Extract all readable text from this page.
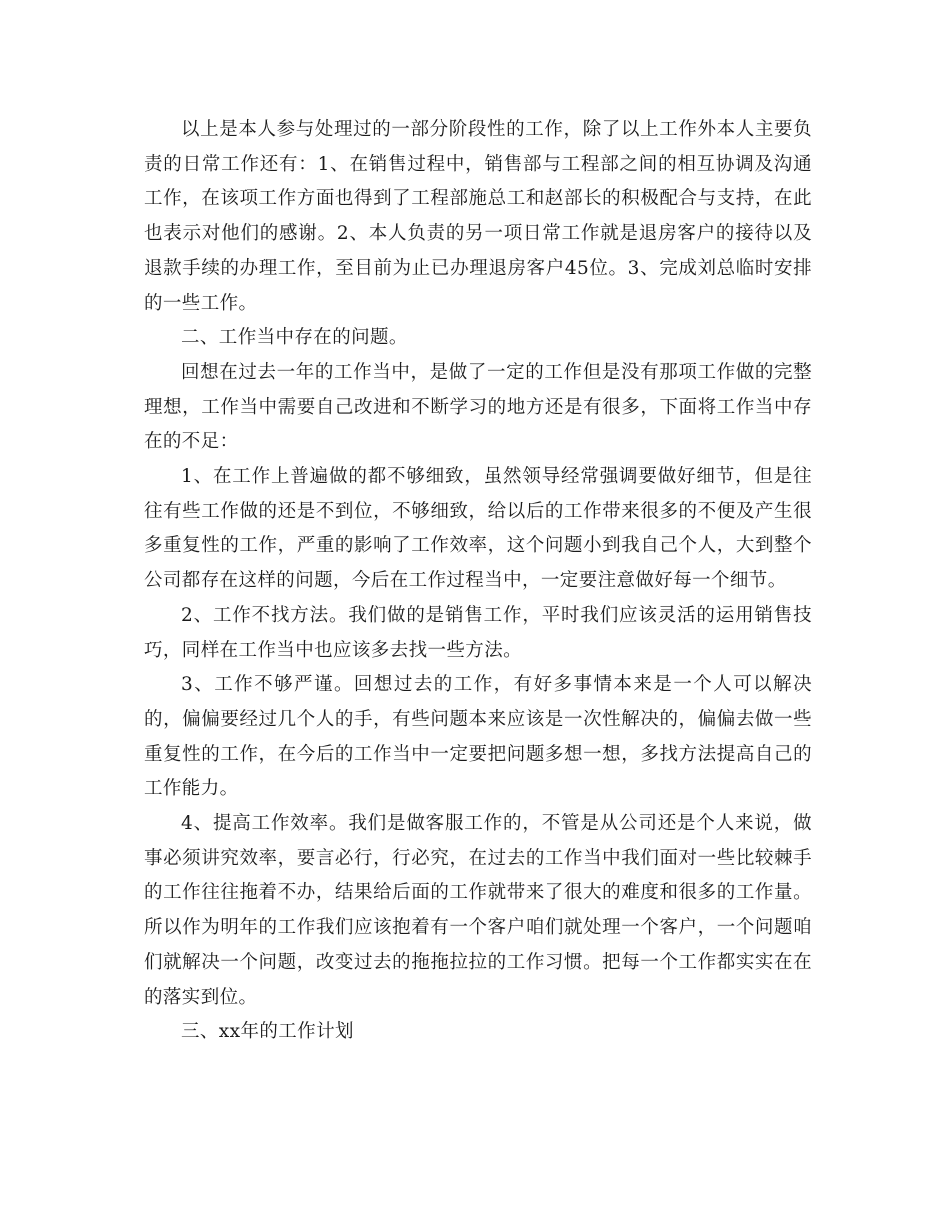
以上是本人参与处理过的一部分阶段性的工作，除了以上工作外本人主要负责的日常工作还有：1、在销售过程中，销售部与工程部之间的相互协调及沟通工作，在该项工作方面也得到了工程部施总工和赵部长的积极配合与支持，在此也表示对他们的感谢。2、本人负责的另一项日常工作就是退房客户的接待以及退款手续的办理工作，至目前为止已办理退房客户45位。3、完成刘总临时安排的一些工作。

二、工作当中存在的问题。

回想在过去一年的工作当中，是做了一定的工作但是没有那项工作做的完整理想，工作当中需要自己改进和不断学习的地方还是有很多，下面将工作当中存在的不足：

1、在工作上普遍做的都不够细致，虽然领导经常强调要做好细节，但是往往有些工作做的还是不到位，不够细致，给以后的工作带来很多的不便及产生很多重复性的工作，严重的影响了工作效率，这个问题小到我自己个人，大到整个公司都存在这样的问题，今后在工作过程当中，一定要注意做好每一个细节。

2、工作不找方法。我们做的是销售工作，平时我们应该灵活的运用销售技巧，同样在工作当中也应该多去找一些方法。

3、工作不够严谨。回想过去的工作，有好多事情本来是一个人可以解决的，偏偏要经过几个人的手，有些问题本来应该是一次性解决的，偏偏去做一些重复性的工作，在今后的工作当中一定要把问题多想一想，多找方法提高自己的工作能力。

4、提高工作效率。我们是做客服工作的，不管是从公司还是个人来说，做事必须讲究效率，要言必行，行必究，在过去的工作当中我们面对一些比较棘手的工作往往拖着不办，结果给后面的工作就带来了很大的难度和很多的工作量。所以作为明年的工作我们应该抱着有一个客户咱们就处理一个客户，一个问题咱们就解决一个问题，改变过去的拖拖拉拉的工作习惯。把每一个工作都实实在在的落实到位。

三、xx年的工作计划
